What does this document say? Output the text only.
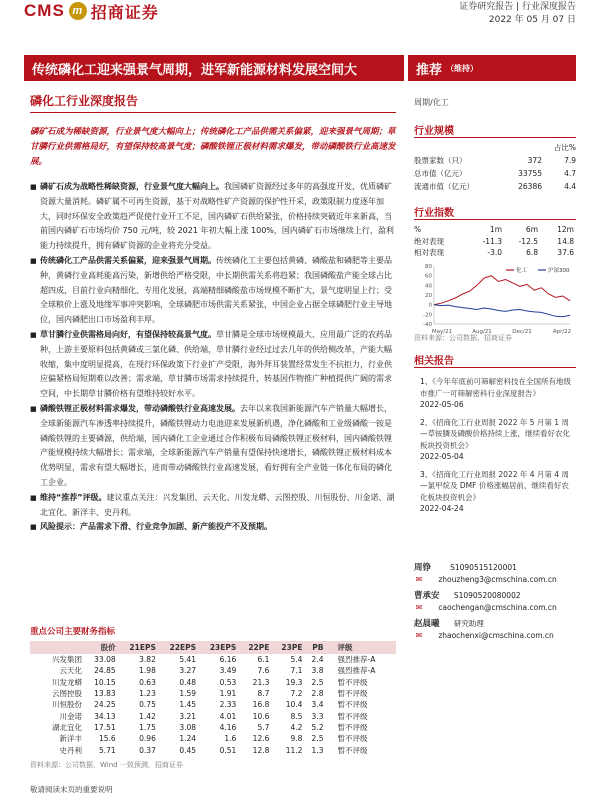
CMS m 招商证券	证券研究报告 | 行业深度报告
2022 年 05 月 07 日
传统磷化工迎来强景气周期，进军新能源材料发展空间大	推荐 （维持）
磷化工行业深度报告	周期/化工
磷矿石成为稀缺资源，行业景气度大幅向上；传统磷化工产品供需关系偏紧，迎来强景气周期；草甘膦行业供需格局好，有望保持较高景气度；磷酸铁锂正极材料需求爆发，带动磷酸铁行业高速发展。

■ 磷矿石成为战略性稀缺资源，行业景气度大幅向上。我国磷矿资源经过多年的高强度开发，优质磷矿资源大量消耗。磷矿属不可再生资源，基于对战略性矿产资源的保护性开采，政策限制力度逐年加大，同时环保安全政策趋严促使行业开工不足，国内磷矿石供给紧张，价格持续突破近年来新高，当前国内磷矿石市场均价 750 元/吨，较 2021 年初大幅上涨 100%，国内磷矿石市场继续上行，盈利能力持续提升，拥有磷矿资源的企业将充分受益。

■ 传统磷化工产品供需关系偏紧，迎来强景气周期。传统磷化工主要包括黄磷、磷酸盐和磷肥等主要品种，黄磷行业高耗能高污染，新增供给严格受限，中长期供需关系将趋紧；我国磷酸盐产能全球占比超四成，目前行业向精细化、专用化发展，高端精细磷酸盐市场规模不断扩大，景气度明显上行；受全球粮价上涨及地缘军事冲突影响，全球磷肥市场供需关系紧张，中国企业占据全球磷肥行业主导地位，国内磷肥出口市场盈利丰厚。

■ 草甘膦行业供需格局向好，有望保持较高景气度。草甘膦是全球市场规模最大、应用最广泛的农药品种，上游主要原料包括黄磷或三氯化磷、供给端，草甘膦行业经过过去几年的供给侧改革，产能大幅收缩，集中度明显提高，在现行环保政策下行业扩产受限，海外拜耳装置经常发生不抗拒力，行业供应偏紧格局短期难以改善；需求端，草甘膦市场需求持续提升，转基因作物推广种植提供广阔的需求空间，中长期草甘膦价格有望维持较好水平。

■ 磷酸铁锂正极材料需求爆发，带动磷酸铁行业高速发展。去年以来我国新能源汽车产销量大幅增长，全球新能源汽车渗透率持续提升，磷酸铁锂动力电池迎来发展新机遇，净化磷酸和工业级磷酸一铵是磷酸铁锂的主要磷源，供给端，国内磷化工企业通过合作积极布局磷酸铁锂正极材料，国内磷酸铁锂产能规模持续大幅增长；需求端，全球新能源汽车产销量有望保持快速增长，磷酸铁锂正极材料成本优势明显，需求有望大幅增长，进而带动磷酸铁行业高速发展，看好拥有全产业链一体化布局的磷化工企业。

■ 维持“推荐”评级。建议重点关注：兴发集团、云天化、川发龙蟒、云图控股、川恒股份、川金诺、湖北宜化、新洋丰、史丹利。

■ 风险提示：产品需求下滑、行业竞争加剧、新产能投产不及预期。

行业规模
占比%
股票家数（只）	372	7.9
总市值（亿元）	33755	4.7
流通市值（亿元）	26386	4.4
行业指数
%	1m	6m	12m
绝对表现	-11.3	-12.5	14.8
相对表现	-3.0	6.8	37.6
80
60
40
20
0
-20
-40
May/21	Aug/21	Dec/21	Apr/22
化工	沪深300
资料来源：公司数据、招商证券
相关报告
1、《今年年底前可筛解密科技在全国所有地级市推广一可筛解密科行业深度报告》
2022-05-06
2、《招商化工行业周报 2022 年 5 月第 1 周—草铵膦及磷酸价格持续上涨，继续看好农化板块投资机会》
2022-05-04
3、《招商化工行业周报 2022 年 4 月第 4 周—氯甲烷及 DMF 价格涨幅居前，继续看好农化板块投资机会》
2022-04-24
周铮	S1090515120001
✉ zhouzheng3@cmschina.com.cn
曹承安 S1090520080002
✉ caochengan@cmschina.com.cn
赵晨曦 研究助理
✉ zhaochenxi@cmschina.com.cn
重点公司主要财务指标
	股价	21EPS	22EPS	23EPS	22PE	23PE	PB	评级
兴发集团	33.08	3.82	5.41	6.16	6.1	5.4	2.4	强烈推荐-A
云天化	24.85	1.98	3.27	3.49	7.6	7.1	3.8	强烈推荐-A
川发龙蟒	10.15	0.63	0.48	0.53	21.3	19.3	2.5	暂不评级
云图控股	13.83	1.23	1.59	1.91	8.7	7.2	2.8	暂不评级
川恒股份	24.25	0.75	1.45	2.33	16.8	10.4	3.4	暂不评级
川金诺	34.13	1.42	3.21	4.01	10.6	8.5	3.3	暂不评级
湖北宜化	17.51	1.75	3.08	4.16	5.7	4.2	5.2	暂不评级
新洋丰	15.6	0.96	1.24	1.6	12.6	9.8	2.5	暂不评级
史丹利	5.71	0.37	0.45	0.51	12.8	11.2	1.3	暂不评级
资料来源：公司数据，Wind 一致预测，招商证券
敬请阅读末页的重要说明
